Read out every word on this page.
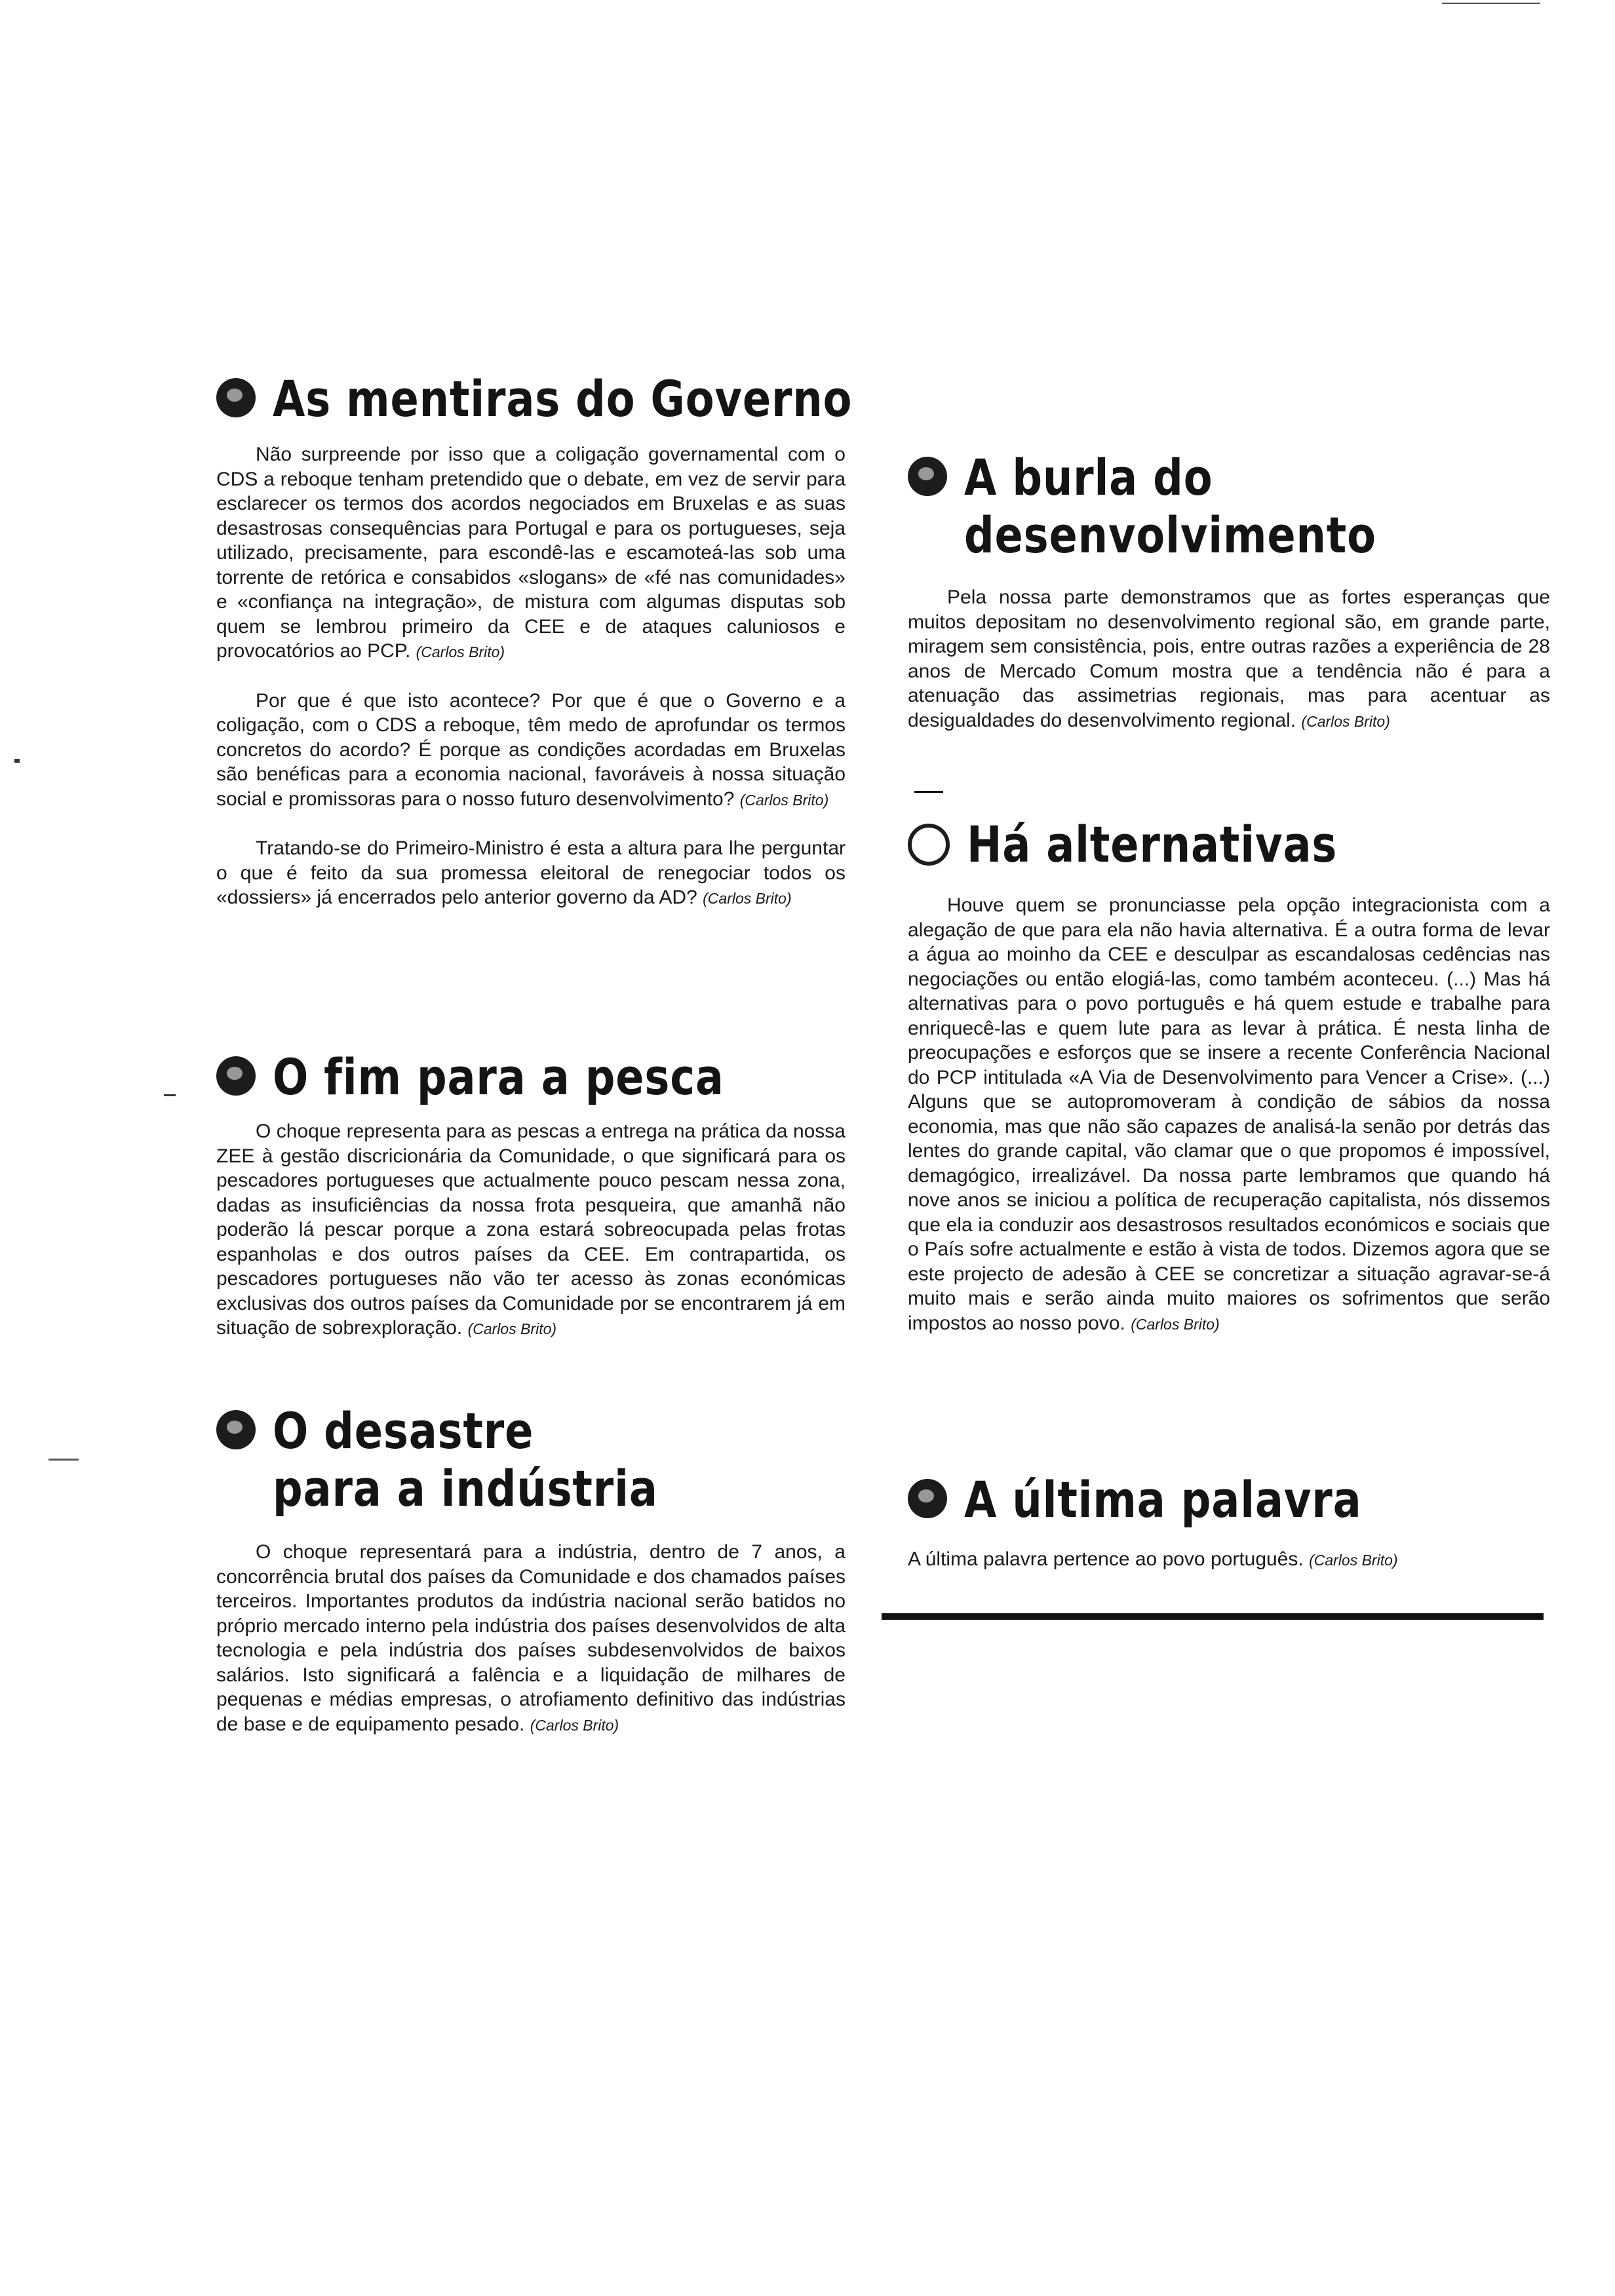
As mentiras do Governo

Não surpreende por isso que a coligação governamental com o CDS a reboque tenham pretendido que o debate, em vez de servir para esclarecer os termos dos acordos negociados em Bruxelas e as suas desastrosas consequências para Portugal e para os portugueses, seja utilizado, precisamente, para escondê-las e escamoteá-las sob uma torrente de retórica e consabidos «slogans» de «fé nas comunidades» e «confiança na integração», de mistura com algumas disputas sob quem se lembrou primeiro da CEE e de ataques caluniosos e provocatórios ao PCP. (Carlos Brito)

Por que é que isto acontece? Por que é que o Governo e a coligação, com o CDS a reboque, têm medo de aprofundar os termos concretos do acordo? É porque as condições acordadas em Bruxelas são benéficas para a economia nacional, favoráveis à nossa situação social e promissoras para o nosso futuro desenvolvimento? (Carlos Brito)

Tratando-se do Primeiro-Ministro é esta a altura para lhe perguntar o que é feito da sua promessa eleitoral de renegociar todos os «dossiers» já encerrados pelo anterior governo da AD? (Carlos Brito)

O fim para a pesca

O choque representa para as pescas a entrega na prática da nossa ZEE à gestão discricionária da Comunidade, o que significará para os pescadores portugueses que actualmente pouco pescam nessa zona, dadas as insuficiências da nossa frota pesqueira, que amanhã não poderão lá pescar porque a zona estará sobreocupada pelas frotas espanholas e dos outros países da CEE. Em contrapartida, os pescadores portugueses não vão ter acesso às zonas económicas exclusivas dos outros países da Comunidade por se encontrarem já em situação de sobrexploração. (Carlos Brito)

O desastre
para a indústria

O choque representará para a indústria, dentro de 7 anos, a concorrência brutal dos países da Comunidade e dos chamados países terceiros. Importantes produtos da indústria nacional serão batidos no próprio mercado interno pela indústria dos países desenvolvidos de alta tecnologia e pela indústria dos países subdesenvolvidos de baixos salários. Isto significará a falência e a liquidação de milhares de pequenas e médias empresas, o atrofiamento definitivo das indústrias de base e de equipamento pesado. (Carlos Brito)

A burla do
desenvolvimento

Pela nossa parte demonstramos que as fortes esperanças que muitos depositam no desenvolvimento regional são, em grande parte, miragem sem consistência, pois, entre outras razões a experiência de 28 anos de Mercado Comum mostra que a tendência não é para a atenuação das assimetrias regionais, mas para acentuar as desigualdades do desenvolvimento regional. (Carlos Brito)

Há alternativas

Houve quem se pronunciasse pela opção integracionista com a alegação de que para ela não havia alternativa. É a outra forma de levar a água ao moinho da CEE e desculpar as escandalosas cedências nas negociações ou então elogiá-las, como também aconteceu. (...) Mas há alternativas para o povo português e há quem estude e trabalhe para enriquecê-las e quem lute para as levar à prática. É nesta linha de preocupações e esforços que se insere a recente Conferência Nacional do PCP intitulada «A Via de Desenvolvimento para Vencer a Crise». (...) Alguns que se autopromoveram à condição de sábios da nossa economia, mas que não são capazes de analisá-la senão por detrás das lentes do grande capital, vão clamar que o que propomos é impossível, demagógico, irrealizável. Da nossa parte lembramos que quando há nove anos se iniciou a política de recuperação capitalista, nós dissemos que ela ia conduzir aos desastrosos resultados económicos e sociais que o País sofre actualmente e estão à vista de todos. Dizemos agora que se este projecto de adesão à CEE se concretizar a situação agravar-se-á muito mais e serão ainda muito maiores os sofrimentos que serão impostos ao nosso povo. (Carlos Brito)

A última palavra

A última palavra pertence ao povo português. (Carlos Brito)
